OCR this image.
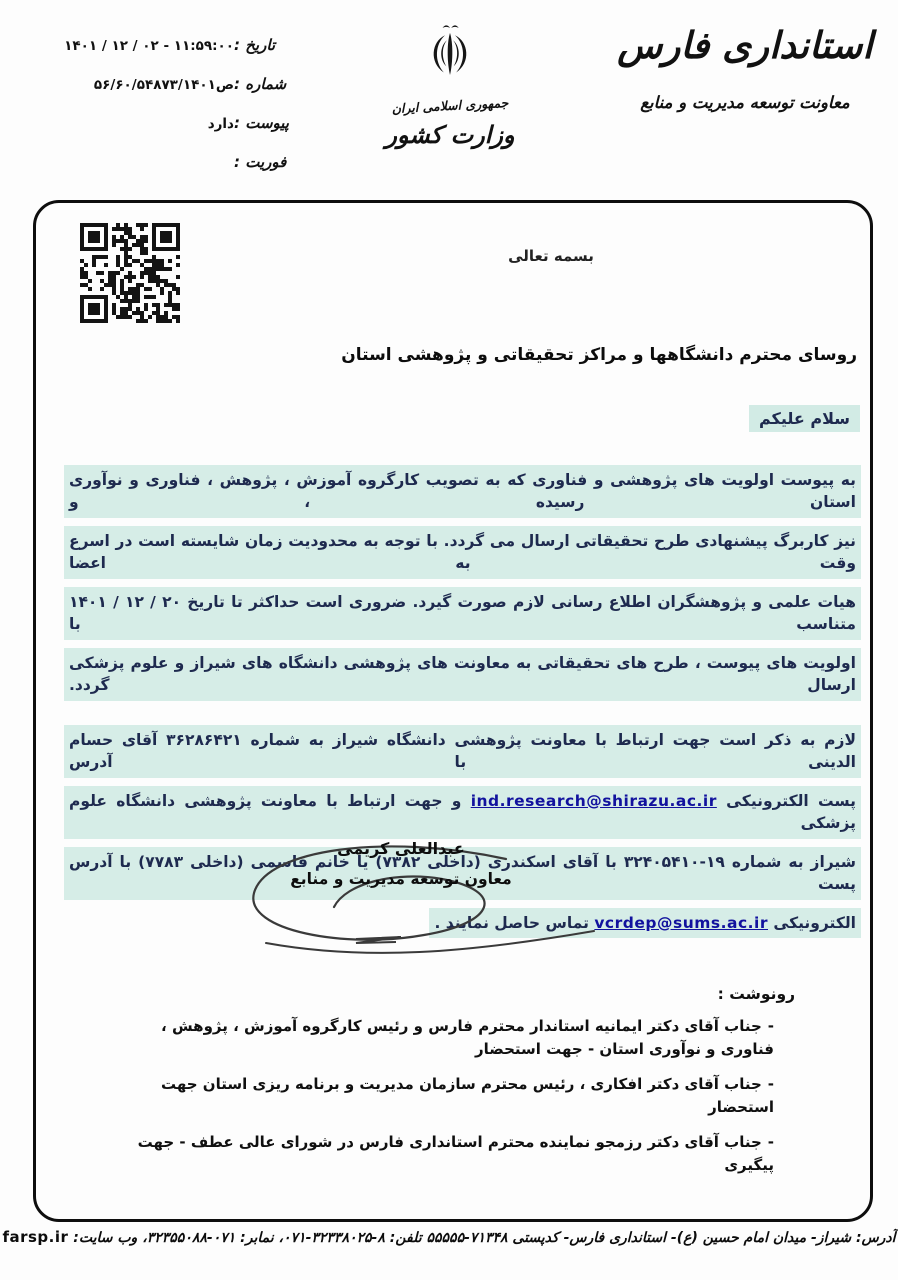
تاریخ :
۱۴۰۱ / ۱۲ / ۰۲ - ۱۱:۵۹:۰۰
شماره :
۵۶/۶۰/۵۴۸۷۳/۱۴۰۱ص
پیوست :
دارد
فوریت :
جمهوری اسلامی ایران
وزارت کشور
استانداری فارس
معاونت توسعه مدیریت و منابع
بسمه تعالی
روسای محترم دانشگاهها و مراکز تحقیقاتی و پژوهشی استان
سلام علیکم
به پیوست اولویت های پژوهشی و فناوری که به تصویب کارگروه آموزش ، پژوهش ، فناوری و نوآوری استان رسیده ، و
نیز کاربرگ پیشنهادی طرح تحقیقاتی ارسال می گردد. با توجه به محدودیت زمان شایسته است در اسرع وقت به اعضا
هیات علمی و پژوهشگران اطلاع رسانی لازم صورت گیرد. ضروری است حداکثر تا تاریخ ۲۰ / ۱۲ / ۱۴۰۱ متناسب با
اولویت های پیوست ، طرح های تحقیقاتی به معاونت های پژوهشی دانشگاه های شیراز و علوم پزشکی ارسال گردد.
لازم به ذکر است جهت ارتباط با معاونت پژوهشی دانشگاه شیراز به شماره ۳۶۲۸۶۴۲۱ آقای حسام الدینی با آدرس
پست الکترونیکی ind.research@shirazu.ac.ir و جهت ارتباط با معاونت پژوهشی دانشگاه علوم پزشکی
شیراز به شماره ۱۹-۳۲۴۰۵۴۱۰ با آقای اسکندری (داخلی ۷۳۸۲) یا خانم قاسمی (داخلی ۷۷۸۳) با آدرس پست
الکترونیکی vcrdep@sums.ac.ir تماس حاصل نمایند .
عبدالعلی کریمی
معاون توسعه مدیریت و منابع
رونوشت :
-جناب آقای دکتر ایمانیه استاندار محترم فارس و رئیس کارگروه آموزش ، پژوهش ، فناوری و نوآوری استان - جهت استحضار
-جناب آقای دکتر افکاری ، رئیس محترم سازمان مدیریت و برنامه ریزی استان جهت استحضار
-جناب آقای دکتر رزمجو نماینده محترم استانداری فارس در شورای عالی عطف - جهت پیگیری
آدرس: شیراز- میدان امام حسین (ع)- استانداری فارس- کدپستی ۷۱۳۴۸-۵۵۵۵۵ تلفن: ۸-۳۲۳۳۸۰۲۵-۰۷۱، نمابر: ۰۷۱-۳۲۳۵۵۰۸۸، وب سایت: farsp.ir
